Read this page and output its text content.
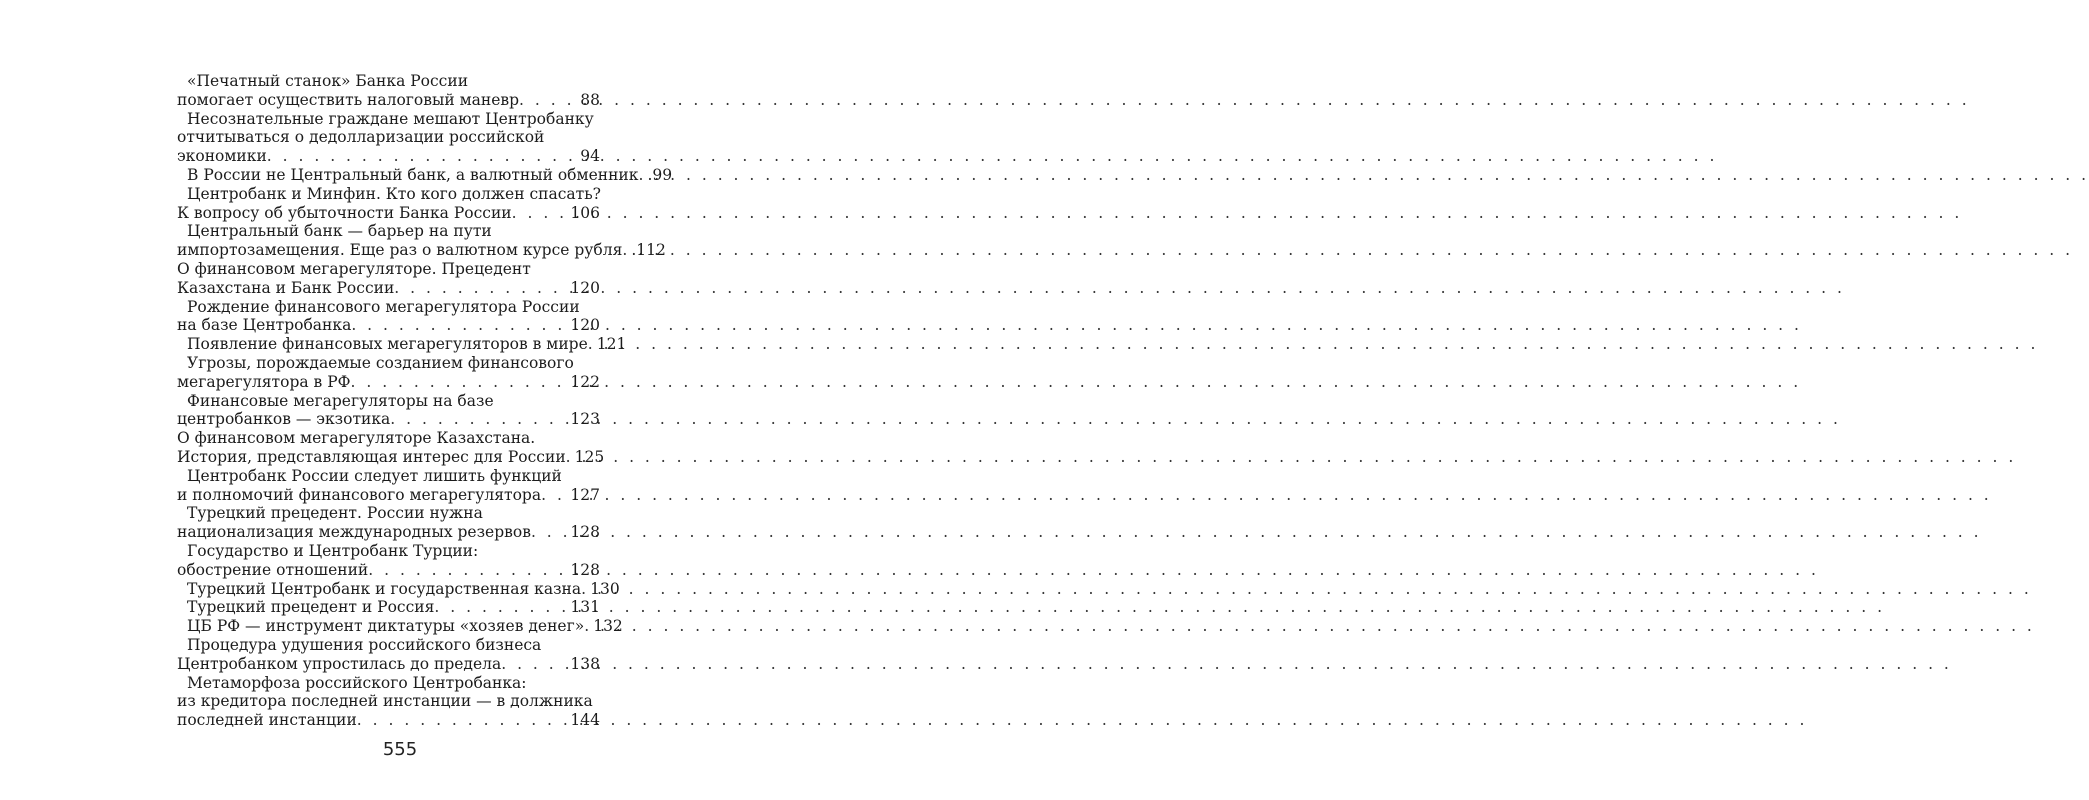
«Печатный станок» Банка России
помогает осуществить налоговый маневр . . .	88
Несознательные граждане мешают Центробанку
отчитываться о дедолларизации российской
экономики . . .	94
В России не Центральный банк, а валютный обменник . . . .99
Центробанк и Минфин. Кто кого должен спасать?
К вопросу об убыточности Банка России . . .	106
Центральный банк — барьер на пути
импортозамещения. Еще раз о валютном курсе рубля . . . .112
О финансовом мегарегуляторе. Прецедент
Казахстана и Банк России . . .	120
Рождение финансового мегарегулятора России
на базе Центробанка . . .	120
Появление финансовых мегарегуляторов в мире . . . 121
Угрозы, порождаемые созданием финансового
мегарегулятора в РФ . . .	122
Финансовые мегарегуляторы на базе
центробанков — экзотика . . .	123
О финансовом мегарегуляторе Казахстана.
История, представляющая интерес для России . . . 125
Центробанк России следует лишить функций
и полномочий финансового мегарегулятора . . . 127
Турецкий прецедент. России нужна
национализация международных резервов . . .	128
Государство и Центробанк Турции:
обострение отношений . . .	128
Турецкий Центробанк и государственная казна . . . 130
Турецкий прецедент и Россия . . .	131
ЦБ РФ — инструмент диктатуры «хозяев денег» . . . 132
Процедура удушения российского бизнеса
Центробанком упростилась до предела . . .	138
Метаморфоза российского Центробанка:
из кредитора последней инстанции — в должника
последней инстанции . . .	144
555
